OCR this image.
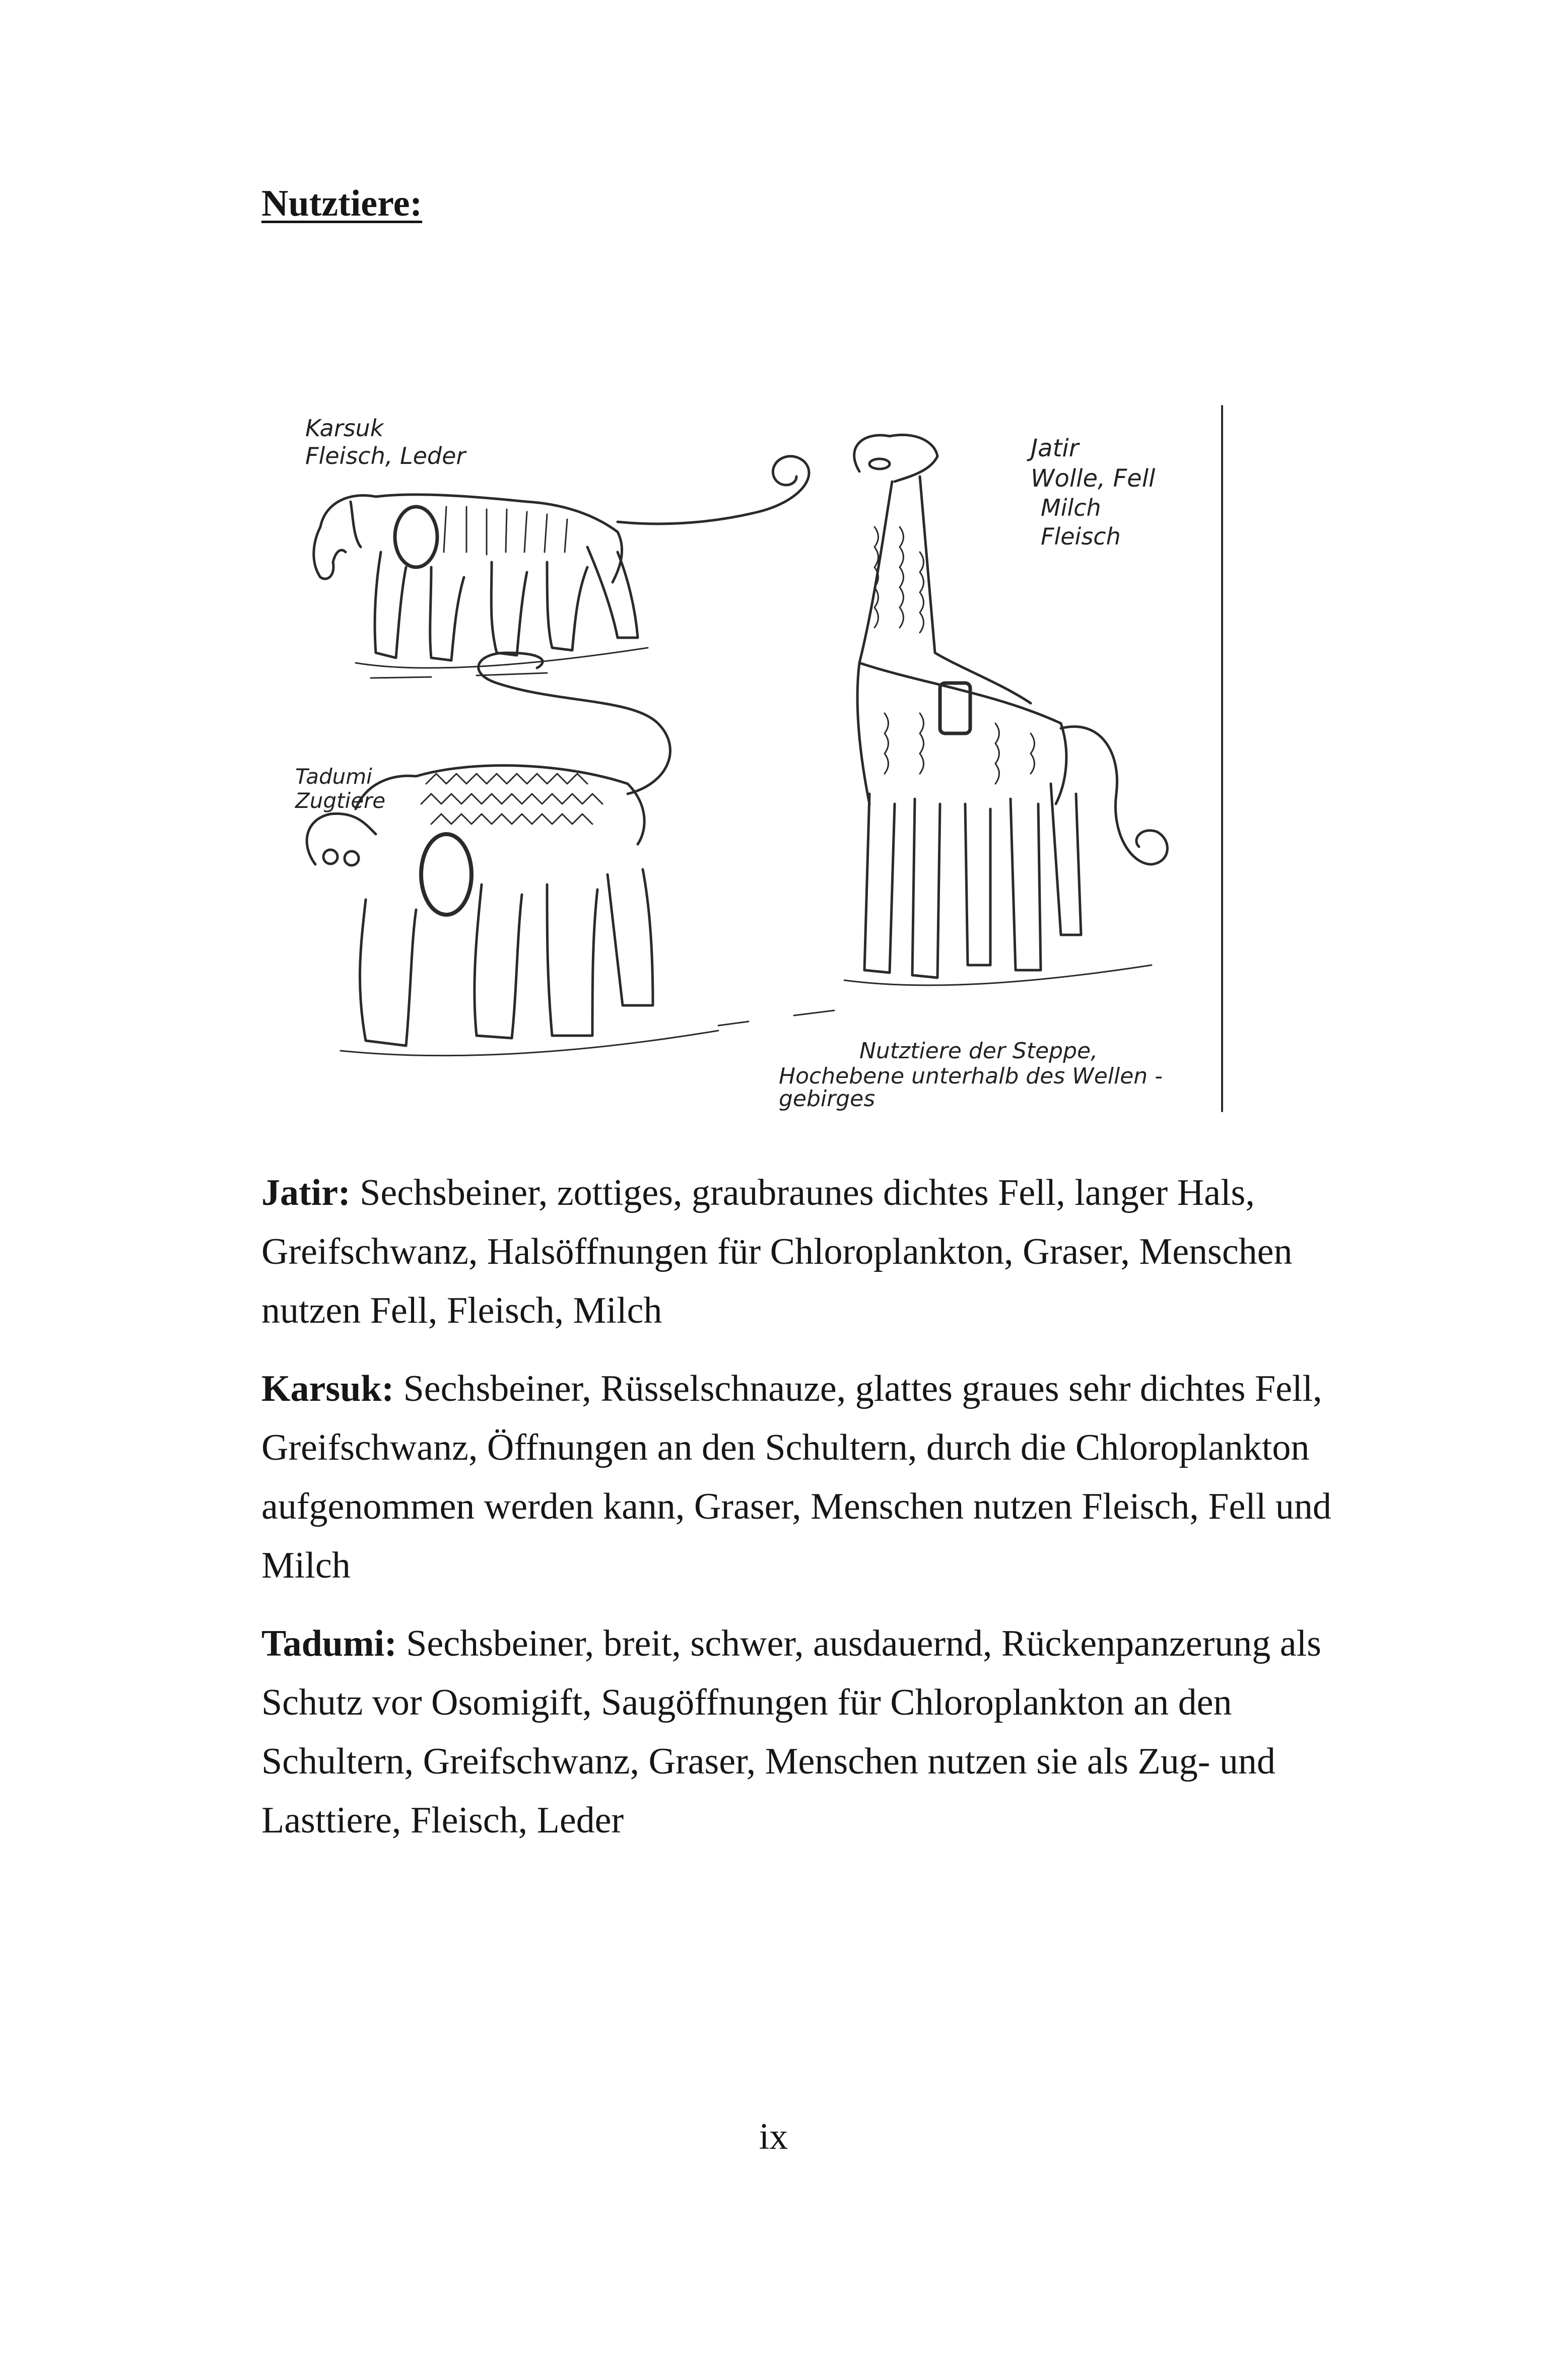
Nutztiere:
Karsuk
Fleisch, Leder	Jatir
Wolle, Fell
Milch
Fleisch
Tadumi
Zugtiere
Nutztiere der Steppe,
Hochebene unterhalb des Wellen -
gebirges

Jatir: Sechsbeiner, zottiges, graubraunes dichtes Fell, langer Hals, Greifschwanz, Halsöffnungen für Chloroplankton, Graser, Menschen nutzen Fell, Fleisch, Milch

Karsuk: Sechsbeiner, Rüsselschnauze, glattes graues sehr dichtes Fell, Greifschwanz, Öffnungen an den Schultern, durch die Chloroplankton aufgenommen werden kann, Graser, Menschen nutzen Fleisch, Fell und Milch

Tadumi: Sechsbeiner, breit, schwer, ausdauernd, Rückenpanzerung als Schutz vor Osomigift, Saugöffnungen für Chloroplankton an den Schultern, Greifschwanz, Graser, Menschen nutzen sie als Zug- und Lasttiere, Fleisch, Leder

ix
